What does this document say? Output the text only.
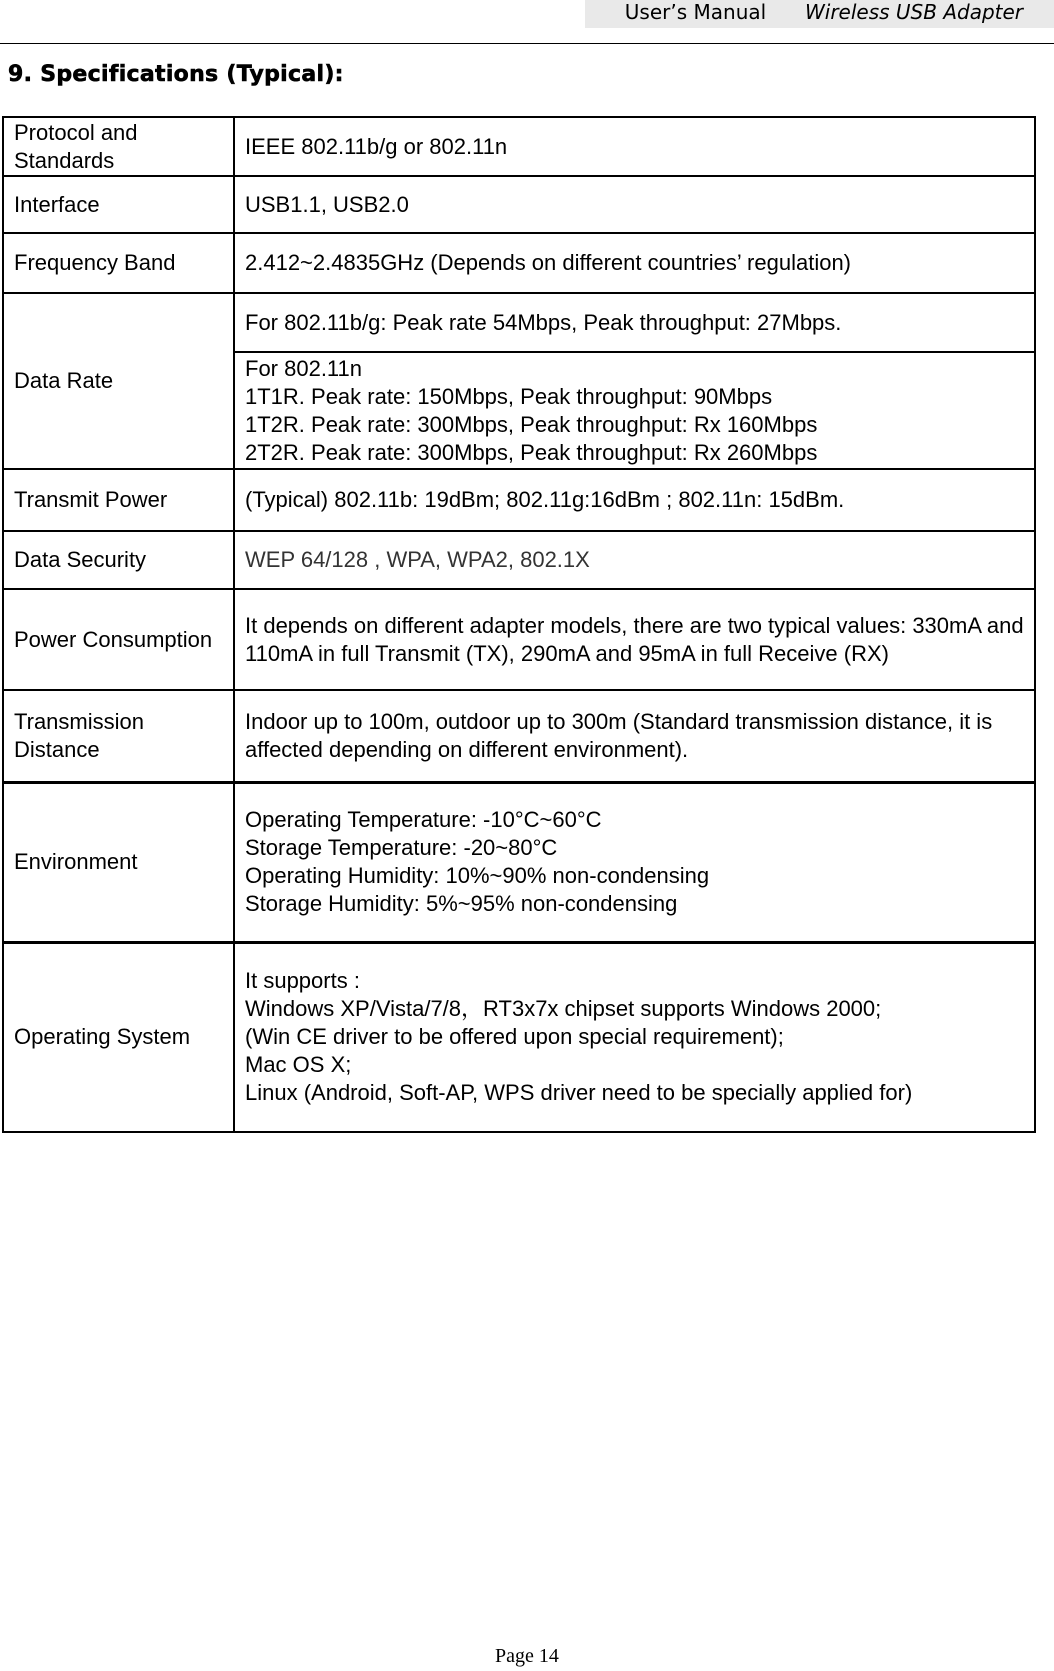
User’s Manual	Wireless USB Adapter
9. Specifications (Typical):
Protocol and Standards	IEEE 802.11b/g or 802.11n
Interface	USB1.1, USB2.0
Frequency Band	2.412~2.4835GHz (Depends on different countries’ regulation)
Data Rate	For 802.11b/g: Peak rate 54Mbps, Peak throughput: 27Mbps.

	For 802.11n
1T1R. Peak rate: 150Mbps, Peak throughput: 90Mbps
1T2R. Peak rate: 300Mbps, Peak throughput: Rx 160Mbps
2T2R. Peak rate: 300Mbps, Peak throughput: Rx 260Mbps

Transmit Power	(Typical) 802.11b: 19dBm; 802.11g:16dBm ; 802.11n: 15dBm.
Data Security	WEP 64/128 , WPA, WPA2, 802.1X
Power Consumption	It depends on different adapter models, there are two typical values: 330mA and 110mA in full Transmit (TX), 290mA and 95mA in full Receive (RX)
Transmission Distance	Indoor up to 100m, outdoor up to 300m (Standard transmission distance, it is affected depending on different environment).
Environment	Operating Temperature: -10°C~60°C
Storage Temperature: -20~80°C
Operating Humidity: 10%~90% non-condensing
Storage Humidity: 5%~95% non-condensing

Operating System	It supports :
Windows XP/Vista/7/8，RT3x7x chipset supports Windows 2000;
(Win CE driver to be offered upon special requirement);
Mac OS X;
Linux (Android, Soft-AP, WPS driver need to be specially applied for)
Page 14
